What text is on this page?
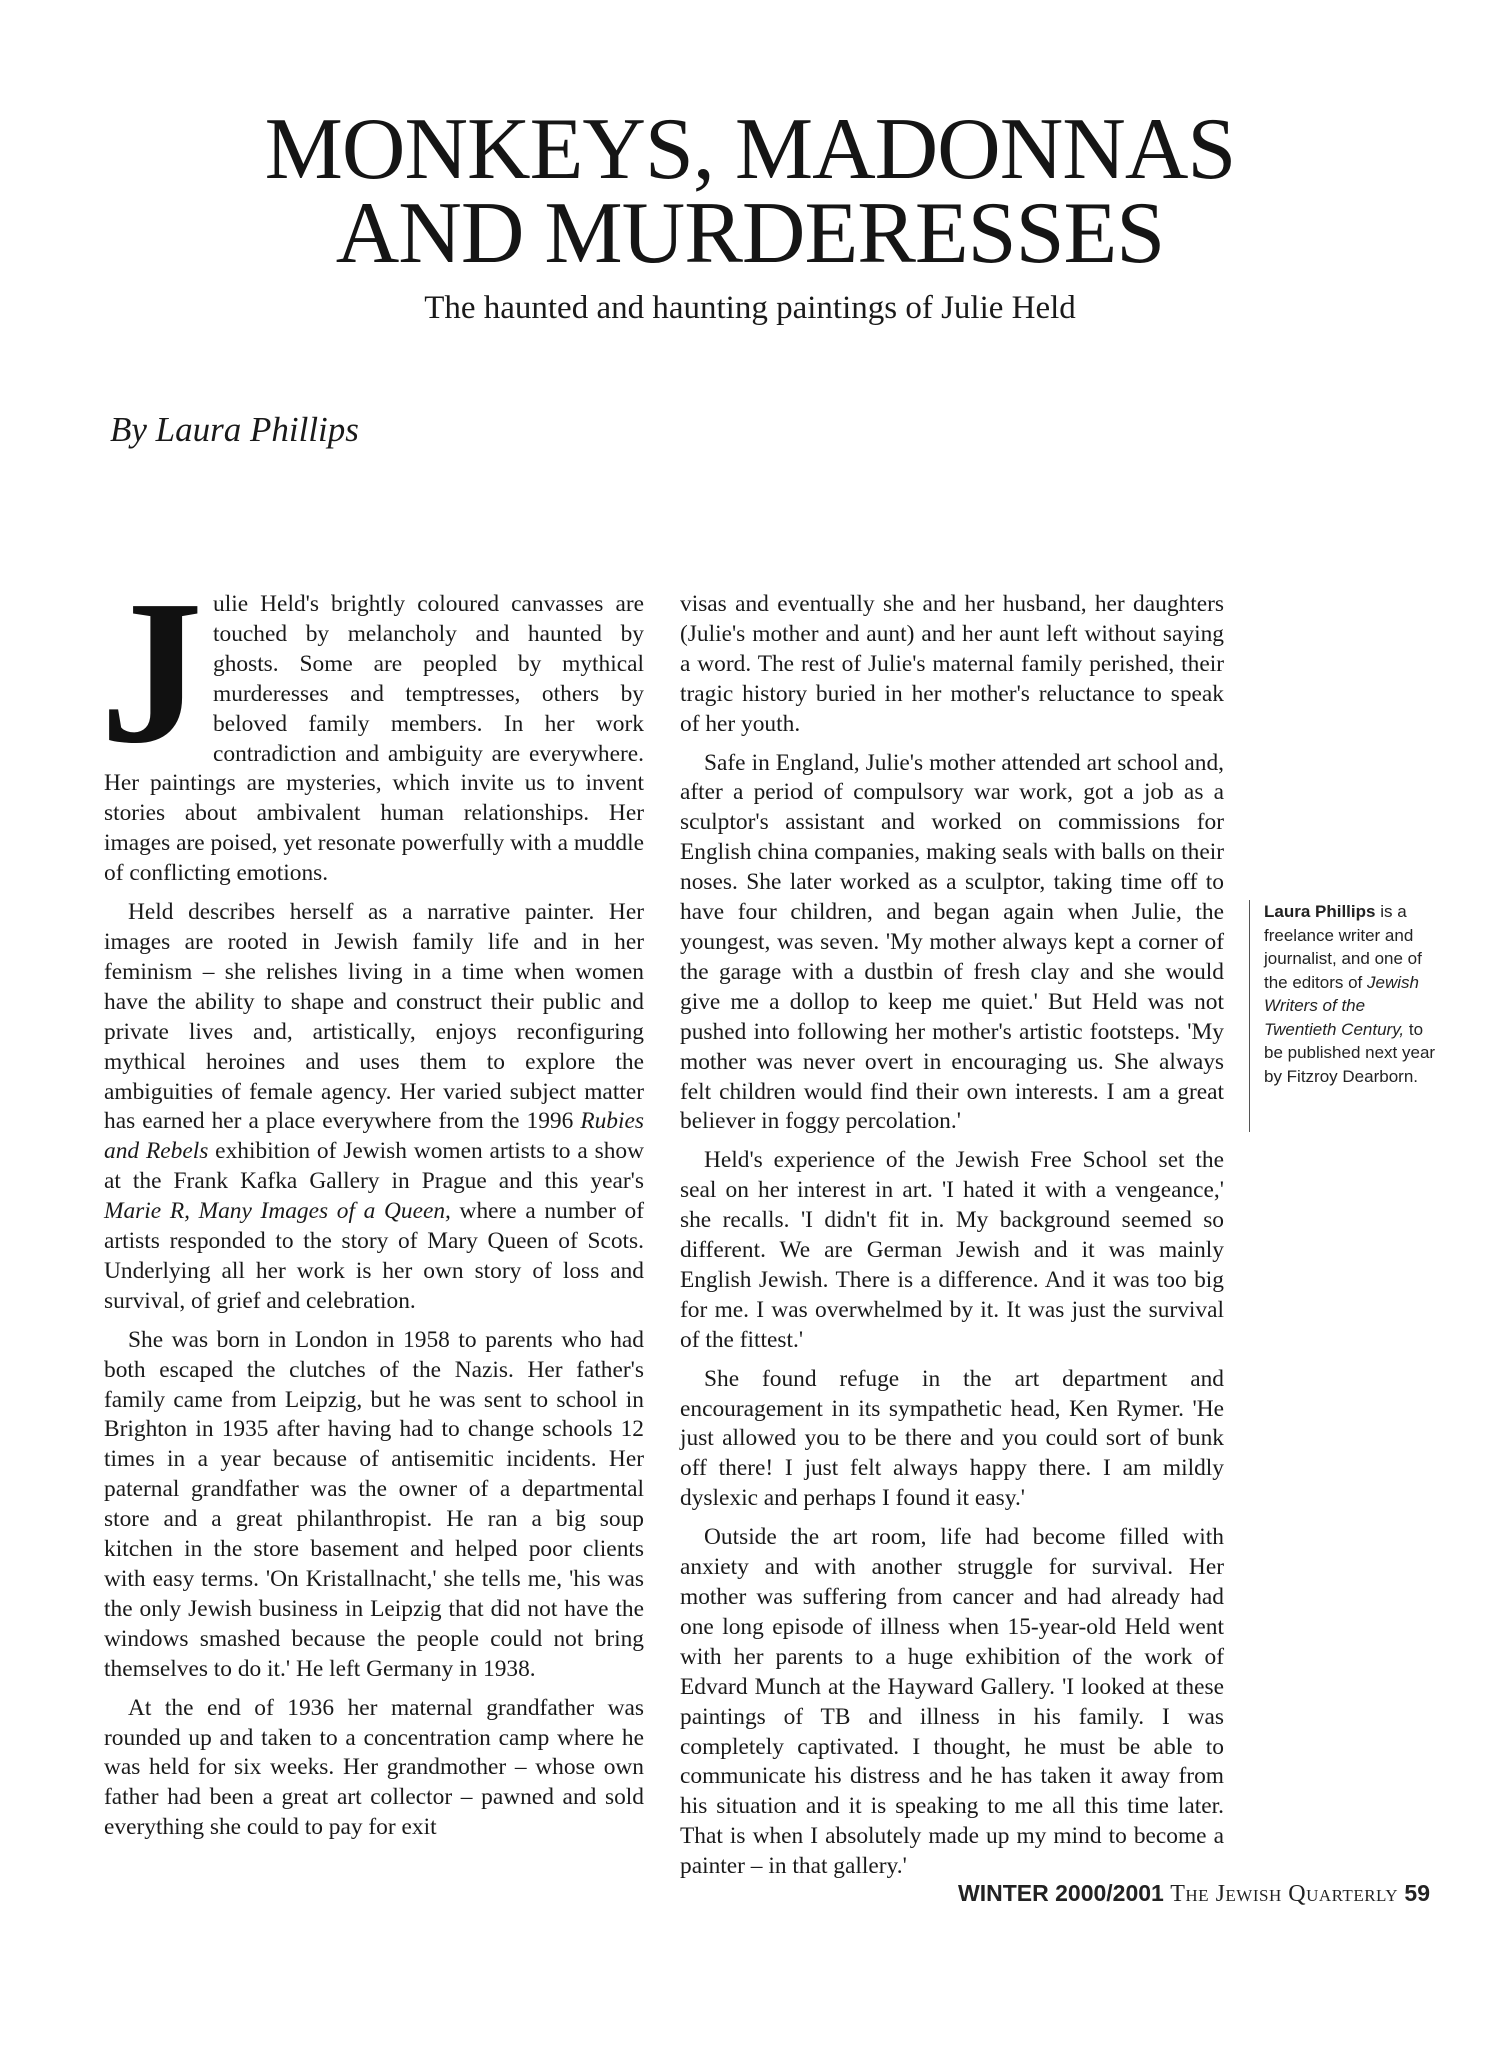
MONKEYS, MADONNAS
AND MURDERESSES
The haunted and haunting paintings of Julie Held
By Laura Phillips

Julie Held's brightly coloured canvasses are touched by melancholy and haunted by ghosts. Some are peopled by mythical murderesses and temptresses, others by beloved family members. In her work contradiction and ambiguity are everywhere. Her paintings are mysteries, which invite us to invent stories about ambivalent human relationships. Her images are poised, yet resonate powerfully with a muddle of conflicting emotions.

Held describes herself as a narrative painter. Her images are rooted in Jewish family life and in her feminism – she relishes living in a time when women have the ability to shape and construct their public and private lives and, artistically, enjoys reconfiguring mythical heroines and uses them to explore the ambiguities of female agency. Her varied subject matter has earned her a place everywhere from the 1996 Rubies and Rebels exhibition of Jewish women artists to a show at the Frank Kafka Gallery in Prague and this year's Marie R, Many Images of a Queen, where a number of artists responded to the story of Mary Queen of Scots. Underlying all her work is her own story of loss and survival, of grief and celebration.

She was born in London in 1958 to parents who had both escaped the clutches of the Nazis. Her father's family came from Leipzig, but he was sent to school in Brighton in 1935 after having had to change schools 12 times in a year because of antisemitic incidents. Her paternal grandfather was the owner of a departmental store and a great philanthropist. He ran a big soup kitchen in the store basement and helped poor clients with easy terms. 'On Kristallnacht,' she tells me, 'his was the only Jewish business in Leipzig that did not have the windows smashed because the people could not bring themselves to do it.' He left Germany in 1938.

At the end of 1936 her maternal grandfather was rounded up and taken to a concentration camp where he was held for six weeks. Her grandmother – whose own father had been a great art collector – pawned and sold everything she could to pay for exit

visas and eventually she and her husband, her daughters (Julie's mother and aunt) and her aunt left without saying a word. The rest of Julie's maternal family perished, their tragic history buried in her mother's reluctance to speak of her youth.

Safe in England, Julie's mother attended art school and, after a period of compulsory war work, got a job as a sculptor's assistant and worked on commissions for English china companies, making seals with balls on their noses. She later worked as a sculptor, taking time off to have four children, and began again when Julie, the youngest, was seven. 'My mother always kept a corner of the garage with a dustbin of fresh clay and she would give me a dollop to keep me quiet.' But Held was not pushed into following her mother's artistic footsteps. 'My mother was never overt in encouraging us. She always felt children would find their own interests. I am a great believer in foggy percolation.'

Held's experience of the Jewish Free School set the seal on her interest in art. 'I hated it with a vengeance,' she recalls. 'I didn't fit in. My background seemed so different. We are German Jewish and it was mainly English Jewish. There is a difference. And it was too big for me. I was overwhelmed by it. It was just the survival of the fittest.'

She found refuge in the art department and encouragement in its sympathetic head, Ken Rymer. 'He just allowed you to be there and you could sort of bunk off there! I just felt always happy there. I am mildly dyslexic and perhaps I found it easy.'

Outside the art room, life had become filled with anxiety and with another struggle for survival. Her mother was suffering from cancer and had already had one long episode of illness when 15-year-old Held went with her parents to a huge exhibition of the work of Edvard Munch at the Hayward Gallery. 'I looked at these paintings of TB and illness in his family. I was completely captivated. I thought, he must be able to communicate his distress and he has taken it away from his situation and it is speaking to me all this time later. That is when I absolutely made up my mind to become a painter – in that gallery.'

Laura Phillips is a freelance writer and journalist, and one of the editors of Jewish Writers of the Twentieth Century, to be published next year by Fitzroy Dearborn.
WINTER 2000/2001 The Jewish Quarterly 59
